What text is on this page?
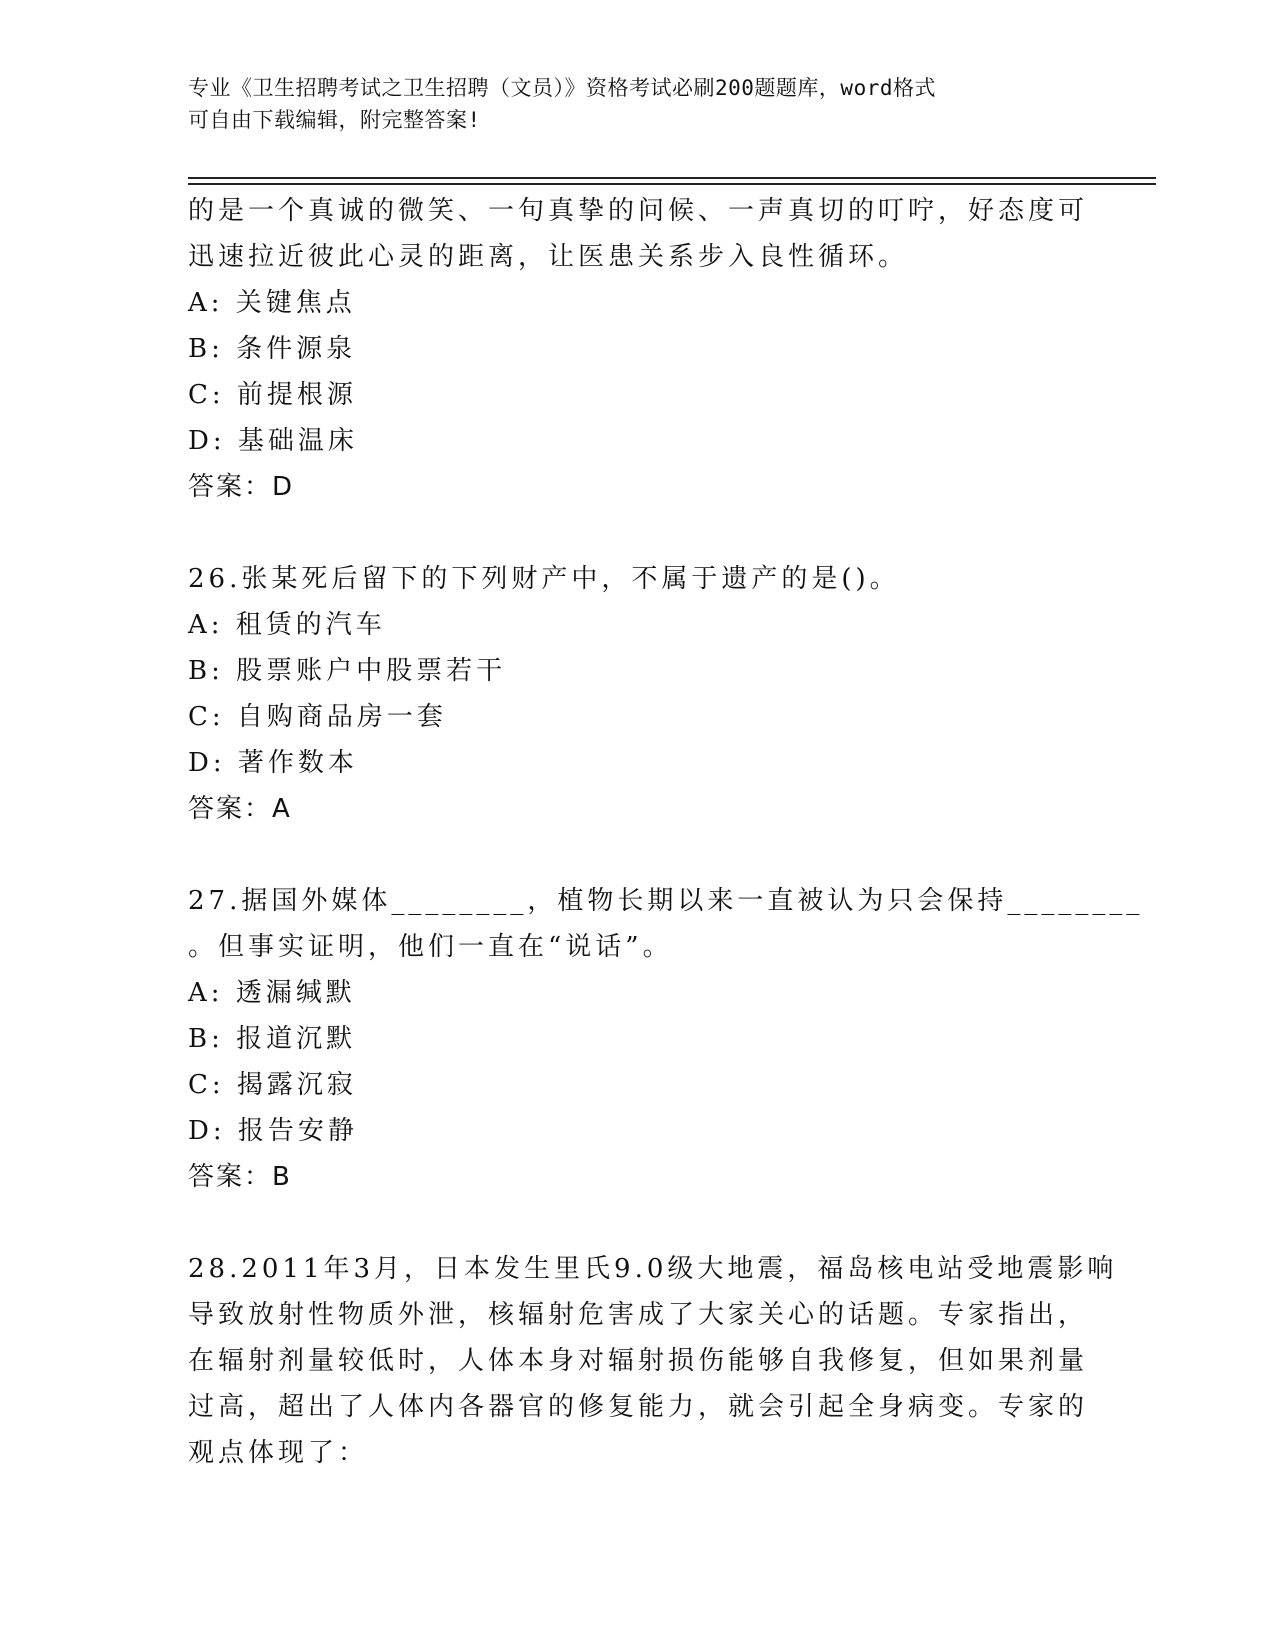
专业《卫生招聘考试之卫生招聘（文员）》资格考试必刷200题题库，word格式
可自由下载编辑，附完整答案!
的是一个真诚的微笑、一句真挚的问候、一声真切的叮咛，好态度可
迅速拉近彼此心灵的距离，让医患关系步入良性循环。
A: 关键焦点
B: 条件源泉
C: 前提根源
D: 基础温床
答案：D
26.张某死后留下的下列财产中，不属于遗产的是()。
A: 租赁的汽车
B: 股票账户中股票若干
C: 自购商品房一套
D: 著作数本
答案：A
27.据国外媒体________，植物长期以来一直被认为只会保持________
。但事实证明，他们一直在“说话”。
A: 透漏缄默
B: 报道沉默
C: 揭露沉寂
D: 报告安静
答案：B
28.2011年3月，日本发生里氏9.0级大地震，福岛核电站受地震影响
导致放射性物质外泄，核辐射危害成了大家关心的话题。专家指出，
在辐射剂量较低时，人体本身对辐射损伤能够自我修复，但如果剂量
过高，超出了人体内各器官的修复能力，就会引起全身病变。专家的
观点体现了：
